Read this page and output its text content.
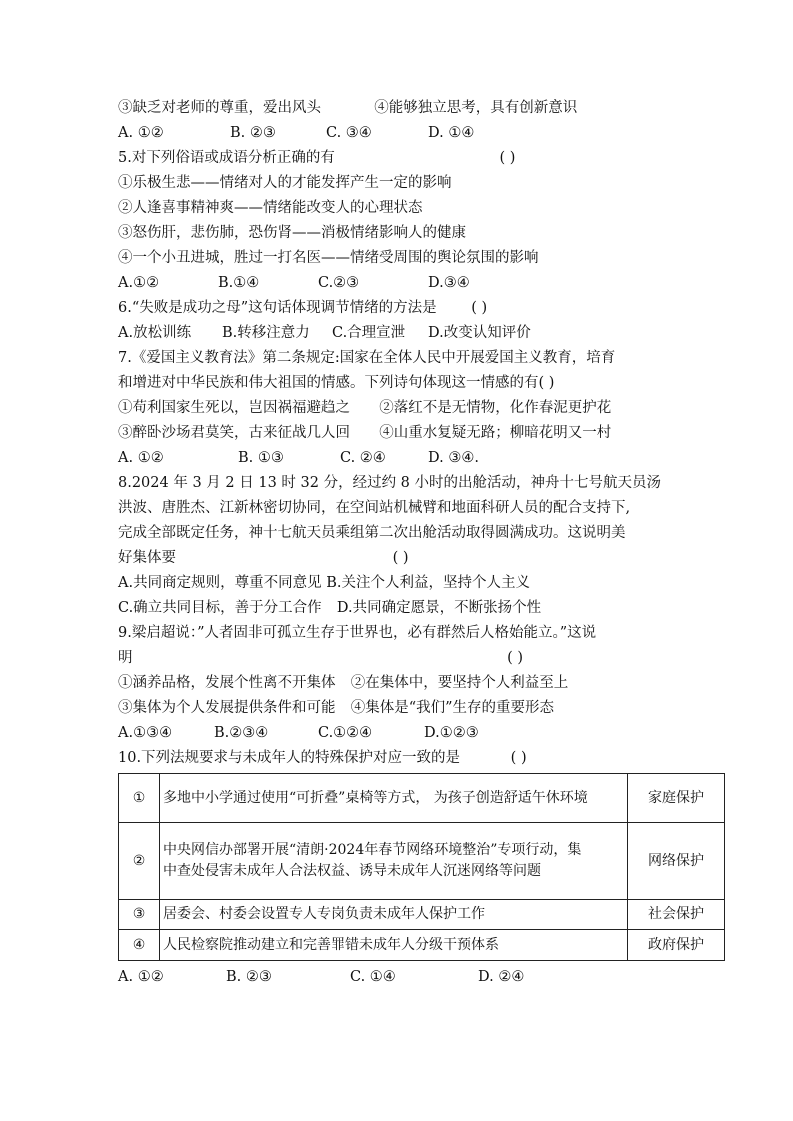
③缺乏对老师的尊重，爱出风头	④能够独立思考，具有创新意识
A. ①②	B. ②③	C. ③④	D. ①④
5.对下列俗语或成语分析正确的有	( )
①乐极生悲——情绪对人的才能发挥产生一定的影响
②人逢喜事精神爽——情绪能改变人的心理状态
③怒伤肝，悲伤肺，恐伤肾——消极情绪影响人的健康
④一个小丑进城，胜过一打名医——情绪受周围的舆论氛围的影响
A.①②	B.①④	C.②③	D.③④
6.“失败是成功之母”这句话体现调节情绪的方法是 ( )
A.放松训练	B.转移注意力	C.合理宣泄	D.改变认知评价
7.《爱国主义教育法》第二条规定:国家在全体人民中开展爱国主义教育，培育
和增进对中华民族和伟大祖国的情感。下列诗句体现这一情感的有( )
①苟利国家生死以，岂因祸福避趋之 ②落红不是无情物，化作春泥更护花
③醉卧沙场君莫笑，古来征战几人回 ④山重水复疑无路；柳暗花明又一村
A. ①②	B. ①③	C. ②④	D. ③④.
8.2024 年 3 月 2 日 13 时 32 分，经过约 8 小时的出舱活动，神舟十七号航天员汤
洪波、唐胜杰、江新林密切协同，在空间站机械臂和地面科研人员的配合支持下,
完成全部既定任务，神十七航天员乘组第二次出舱活动取得圆满成功。这说明美
好集体要	( )
A.共同商定规则，尊重不同意见 B.关注个人利益，坚持个人主义
C.确立共同目标，善于分工合作 D.共同确定愿景，不断张扬个性
9.梁启超说：”人者固非可孤立生存于世界也，必有群然后人格始能立。”这说
明	( )
①涵养品格，发展个性离不开集体 ②在集体中，要坚持个人利益至上
③集体为个人发展提供条件和可能 ④集体是“我们”生存的重要形态
A.①③④	B.②③④	C.①②④	D.①②③
10.下列法规要求与未成年人的特殊保护对应一致的是	( )
①	多地中小学通过使用“可折叠”桌椅等方式， 为孩子创造舒适午休环境	家庭保护
②	中央网信办部署开展“清朗·2024年春节网络环境整治”专项行动，集中查处侵害未成年人合法权益、诱导未成年人沉迷网络等问题	网络保护
③	居委会、村委会设置专人专岗负责未成年人保护工作	社会保护
④	人民检察院推动建立和完善罪错未成年人分级干预体系	政府保护
A. ①②	B. ②③	C. ①④	D. ②④
